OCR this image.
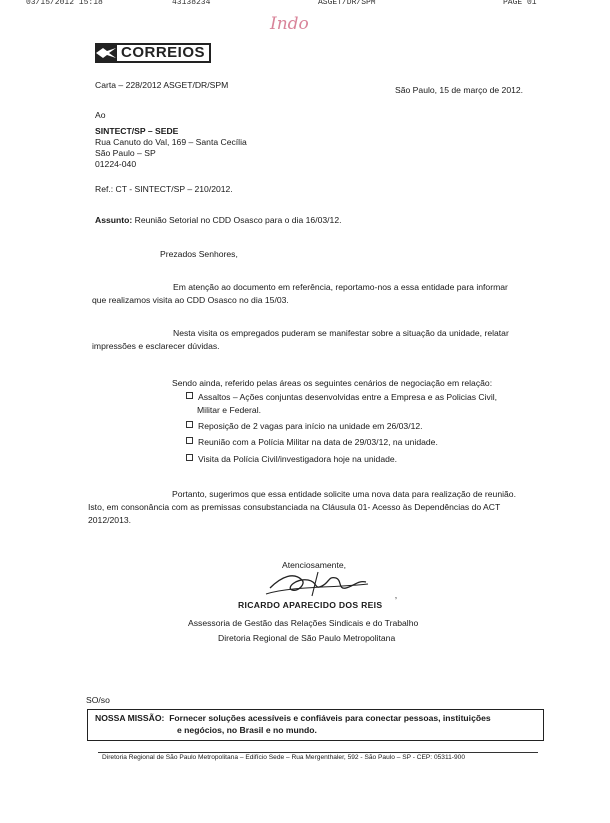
03/15/2012 15:18	43138234	ASGET/DR/SPM	PAGE 01
Indo
CORREIOS
Carta – 228/2012 ASGET/DR/SPM	São Paulo, 15 de março de 2012.
Ao
SINTECT/SP – SEDE
Rua Canuto do Val, 169 – Santa Cecília
São Paulo – SP
01224-040
Ref.: CT - SINTECT/SP – 210/2012.
Assunto: Reunião Setorial no CDD Osasco para o dia 16/03/12.
Prezados Senhores,
Em atenção ao documento em referência, reportamo-nos a essa entidade para informar
que realizamos visita ao CDD Osasco no dia 15/03.
Nesta visita os empregados puderam se manifestar sobre a situação da unidade, relatar
impressões e esclarecer dúvidas.
Sendo ainda, referido pelas áreas os seguintes cenários de negociação em relação:
Assaltos – Ações conjuntas desenvolvidas entre a Empresa e as Policias Civil,
Militar e Federal.
Reposição de 2 vagas para início na unidade em 26/03/12.
Reunião com a Polícia Militar na data de 29/03/12, na unidade.
Visita da Polícia Civil/investigadora hoje na unidade.
Portanto, sugerimos que essa entidade solicite uma nova data para realização de reunião.
Isto, em consonância com as premissas consubstanciada na Cláusula 01- Acesso às Dependências do ACT
2012/2013.
Atenciosamente,
RICARDO APARECIDO DOS REIS ʼ
Assessoria de Gestão das Relações Sindicais e do Trabalho
Diretoria Regional de São Paulo Metropolitana
SO/so
NOSSA MISSÃO: Fornecer soluções acessíveis e confiáveis para conectar pessoas, instituições
e negócios, no Brasil e no mundo.
Diretoria Regional de São Paulo Metropolitana – Edifício Sede – Rua Mergenthaler, 592 - São Paulo – SP - CEP: 05311-900
